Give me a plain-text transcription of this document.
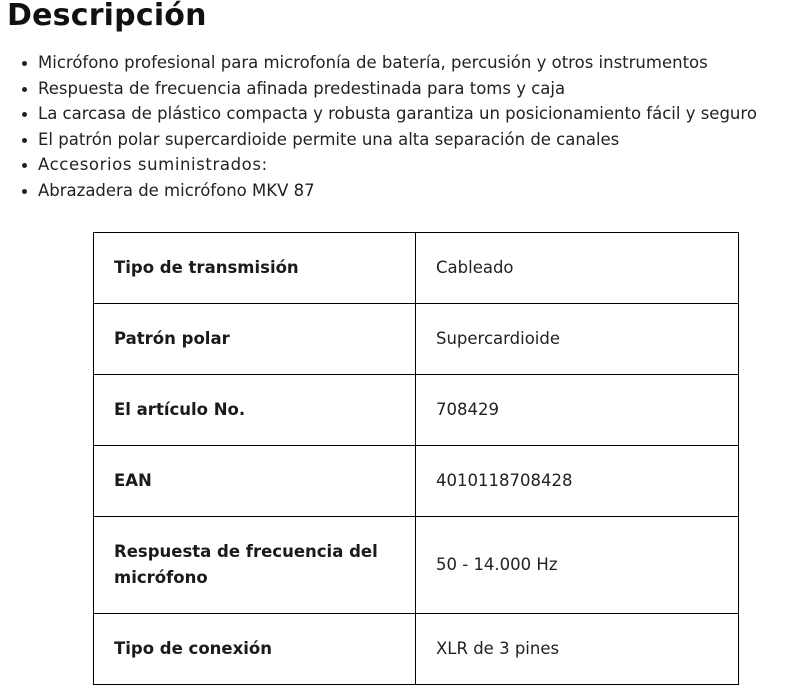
Descripción
• Micrófono profesional para microfonía de batería, percusión y otros instrumentos
• Respuesta de frecuencia afinada predestinada para toms y caja
• La carcasa de plástico compacta y robusta garantiza un posicionamiento fácil y seguro
• El patrón polar supercardioide permite una alta separación de canales
• Accesorios suministrados:
• Abrazadera de micrófono MKV 87
Tipo de transmisión	Cableado
Patrón polar	Supercardioide
El artículo No.	708429
EAN	4010118708428
Respuesta de frecuencia del micrófono	50 - 14.000 Hz
Tipo de conexión	XLR de 3 pines
